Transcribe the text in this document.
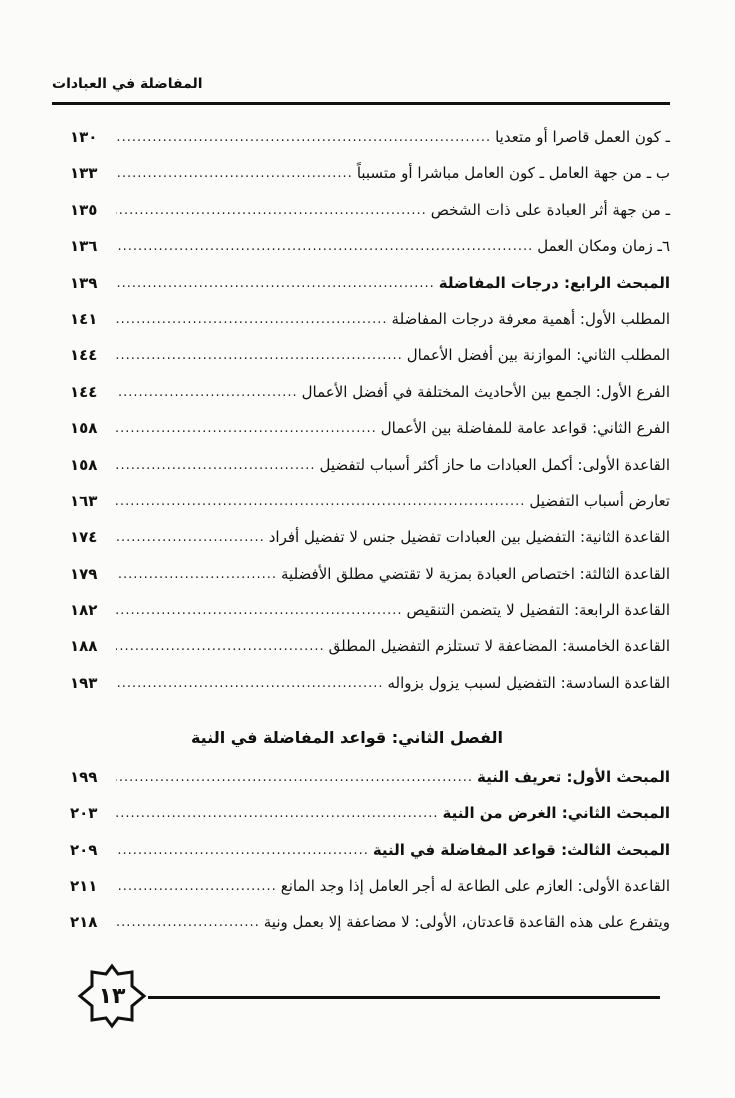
المفاضلة في العبادات
ـ كون العمل قاصرا أو متعديا
.....
١٣٠
ب ـ من جهة العامل ـ كون العامل مباشرا أو متسبباً
.....
١٣٣
ـ من جهة أثر العبادة على ذات الشخص
.....
١٣٥
٦ـ زمان ومكان العمل
.....
١٣٦
المبحث الرابع: درجات المفاضلة
.....
١٣٩
المطلب الأول: أهمية معرفة درجات المفاضلة
.....
١٤١
المطلب الثاني: الموازنة بين أفضل الأعمال
.....
١٤٤
الفرع الأول: الجمع بين الأحاديث المختلفة في أفضل الأعمال
.....
١٤٤
الفرع الثاني: قواعد عامة للمفاضلة بين الأعمال
.....
١٥٨
القاعدة الأولى: أكمل العبادات ما حاز أكثر أسباب لتفضيل
.....
١٥٨
تعارض أسباب التفضيل
.....
١٦٣
القاعدة الثانية: التفضيل بين العبادات تفضيل جنس لا تفضيل أفراد
.....
١٧٤
القاعدة الثالثة: اختصاص العبادة بمزية لا تقتضي مطلق الأفضلية
.....
١٧٩
القاعدة الرابعة: التفضيل لا يتضمن التنقيص
.....
١٨٢
القاعدة الخامسة: المضاعفة لا تستلزم التفضيل المطلق
.....
١٨٨
القاعدة السادسة: التفضيل لسبب يزول بزواله
.....
١٩٣
الفصل الثاني: قواعد المفاضلة في النية
المبحث الأول: تعريف النية
.....
١٩٩
المبحث الثاني: الغرض من النية
.....
٢٠٣
المبحث الثالث: قواعد المفاضلة في النية
.....
٢٠٩
القاعدة الأولى: العازم على الطاعة له أجر العامل إذا وجد المانع
.....
٢١١
ويتفرع على هذه القاعدة قاعدتان، الأولى: لا مضاعفة إلا بعمل ونية
.....
٢١٨
١٣
